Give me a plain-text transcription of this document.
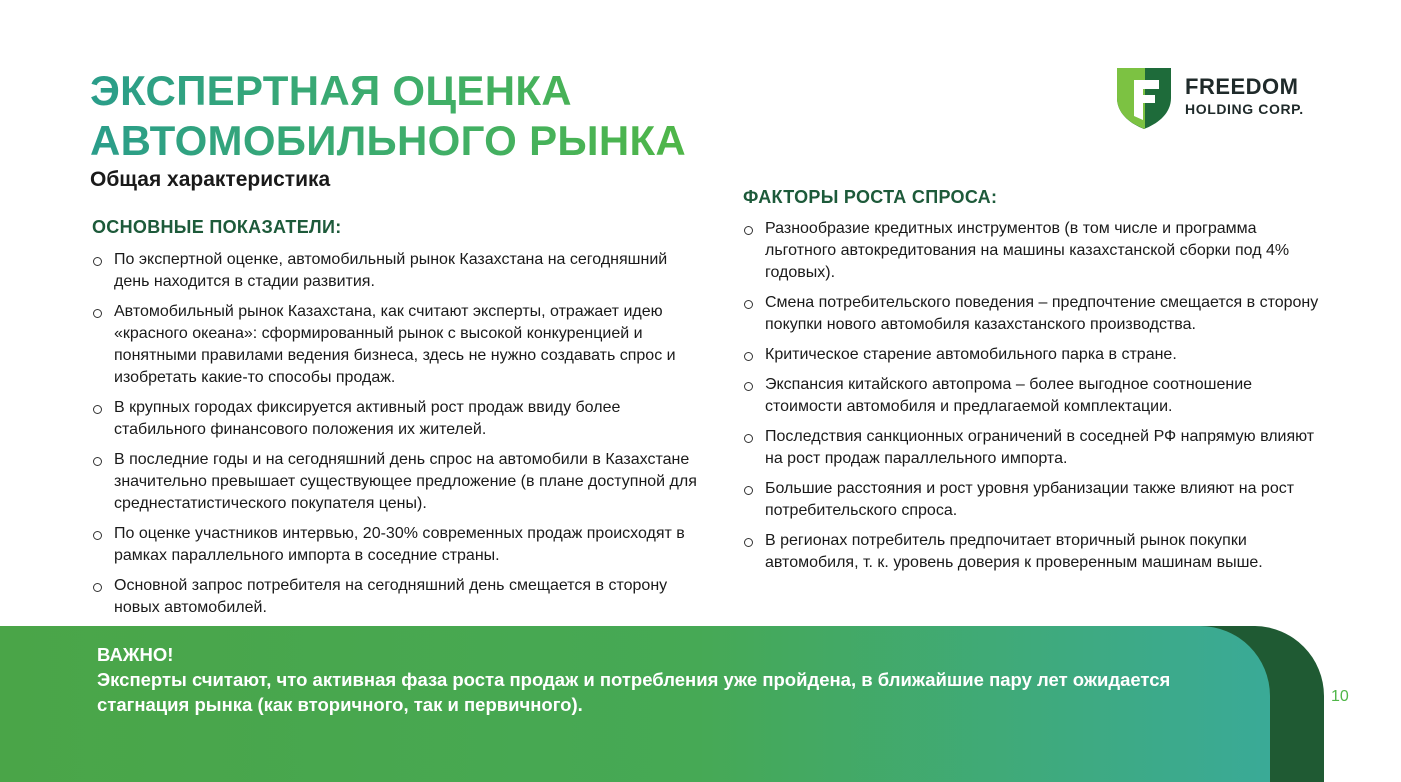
ЭКСПЕРТНАЯ ОЦЕНКА
АВТОМОБИЛЬНОГО РЫНКА
Общая характеристика
FREEDOM
HOLDING CORP.
ОСНОВНЫЕ ПОКАЗАТЕЛИ:
По экспертной оценке, автомобильный рынок Казахстана на сегодняшний день находится в стадии развития.
Автомобильный рынок Казахстана, как считают эксперты, отражает идею «красного океана»: сформированный рынок с высокой конкуренцией и понятными правилами ведения бизнеса, здесь не нужно создавать спрос и изобретать какие-то способы продаж.
В крупных городах фиксируется активный рост продаж ввиду более стабильного финансового положения их жителей.
В последние годы и на сегодняшний день спрос на автомобили в Казахстане значительно превышает существующее предложение (в плане доступной для среднестатистического покупателя цены).
По оценке участников интервью, 20-30% современных продаж происходят в рамках параллельного импорта в соседние страны.
Основной запрос потребителя на сегодняшний день смещается в сторону новых автомобилей.
ФАКТОРЫ РОСТА СПРОСА:
Разнообразие кредитных инструментов (в том числе и программа льготного автокредитования на машины казахстанской сборки под 4% годовых).
Смена потребительского поведения – предпочтение смещается в сторону покупки нового автомобиля казахстанского производства.
Критическое старение автомобильного парка в стране.
Экспансия китайского автопрома – более выгодное соотношение стоимости автомобиля и предлагаемой комплектации.
Последствия санкционных ограничений в соседней РФ напрямую влияют на рост продаж параллельного импорта.
Большие расстояния и рост уровня урбанизации также влияют на рост потребительского спроса.
В регионах потребитель предпочитает вторичный рынок покупки автомобиля, т. к. уровень доверия к проверенным машинам выше.
ВАЖНО!
Эксперты считают, что активная фаза роста продаж и потребления уже пройдена, в ближайшие пару лет ожидается стагнация рынка (как вторичного, так и первичного).	10
